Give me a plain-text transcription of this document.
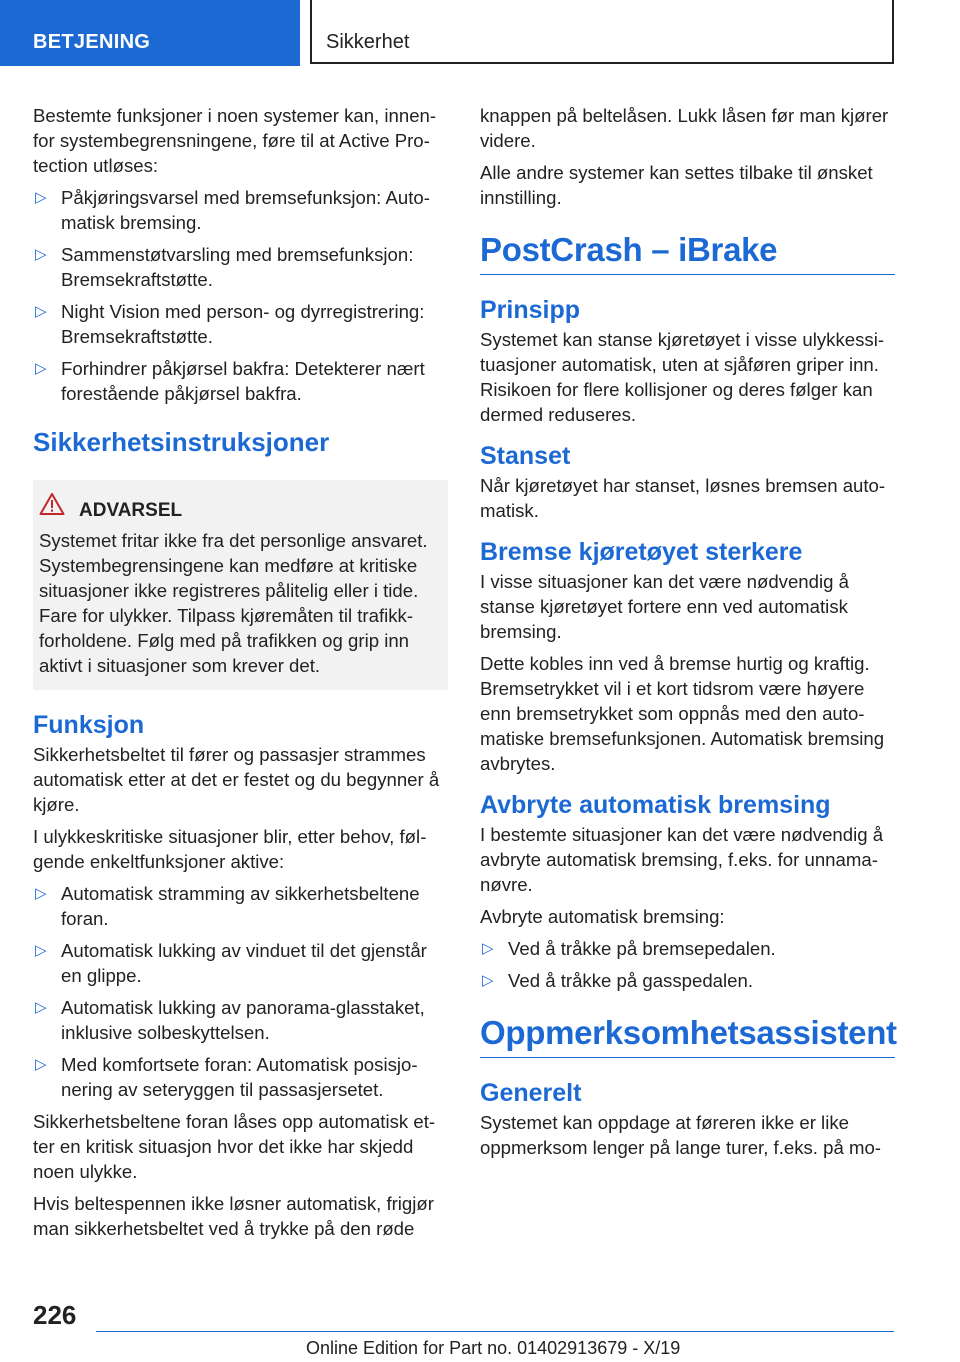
BETJENING	Sikkerhet

Bestemte funksjoner i noen systemer kan, innenfor systembegrensningene, føre til at Active Protection utløses:

▷ Påkjøringsvarsel med bremsefunksjon: Automatisk bremsing.
▷ Sammenstøtvarsling med bremsefunksjon: Bremsekraftstøtte.
▷ Night Vision med person- og dyrregistrering: Bremsekraftstøtte.
▷ Forhindrer påkjørsel bakfra: Detekterer nært forestående påkjørsel bakfra.
Sikkerhetsinstruksjoner
ADVARSEL
Systemet fritar ikke fra det personlige ansvaret. Systembegrensingene kan medføre at kritiske situasjoner ikke registreres pålitelig eller i tide. Fare for ulykker. Tilpass kjøremåten til trafikkforholdene. Følg med på trafikken og grip inn aktivt i situasjoner som krever det.
Funksjon

Sikkerhetsbeltet til fører og passasjer strammes automatisk etter at det er festet og du begynner å kjøre.

I ulykkeskritiske situasjoner blir, etter behov, følgende enkeltfunksjoner aktive:

▷ Automatisk stramming av sikkerhetsbeltene foran.
▷ Automatisk lukking av vinduet til det gjenstår en glippe.
▷ Automatisk lukking av panorama-glasstaket, inklusive solbeskyttelsen.
▷ Med komfortsete foran: Automatisk posisjonering av seteryggen til passasjersetet.

Sikkerhetsbeltene foran låses opp automatisk etter en kritisk situasjon hvor det ikke har skjedd noen ulykke.

Hvis beltespennen ikke løsner automatisk, frigjør man sikkerhetsbeltet ved å trykke på den røde

knappen på beltelåsen. Lukk låsen før man kjører videre.

Alle andre systemer kan settes tilbake til ønsket innstilling.

PostCrash – iBrake
Prinsipp

Systemet kan stanse kjøretøyet i visse ulykkessituasjoner automatisk, uten at sjåføren griper inn. Risikoen for flere kollisjoner og deres følger kan dermed reduseres.

Stanset

Når kjøretøyet har stanset, løsnes bremsen automatisk.

Bremse kjøretøyet sterkere

I visse situasjoner kan det være nødvendig å stanse kjøretøyet fortere enn ved automatisk bremsing.

Dette kobles inn ved å bremse hurtig og kraftig. Bremsetrykket vil i et kort tidsrom være høyere enn bremsetrykket som oppnås med den automatiske bremsefunksjonen. Automatisk bremsing avbrytes.

Avbryte automatisk bremsing

I bestemte situasjoner kan det være nødvendig å avbryte automatisk bremsing, f.eks. for unnamanøvre.

Avbryte automatisk bremsing:

▷ Ved å tråkke på bremsepedalen.
▷ Ved å tråkke på gasspedalen.
Oppmerksomhetsassistent
Generelt

Systemet kan oppdage at føreren ikke er like oppmerksom lenger på lange turer, f.eks. på mo-

226
Online Edition for Part no. 01402913679 - X/19
